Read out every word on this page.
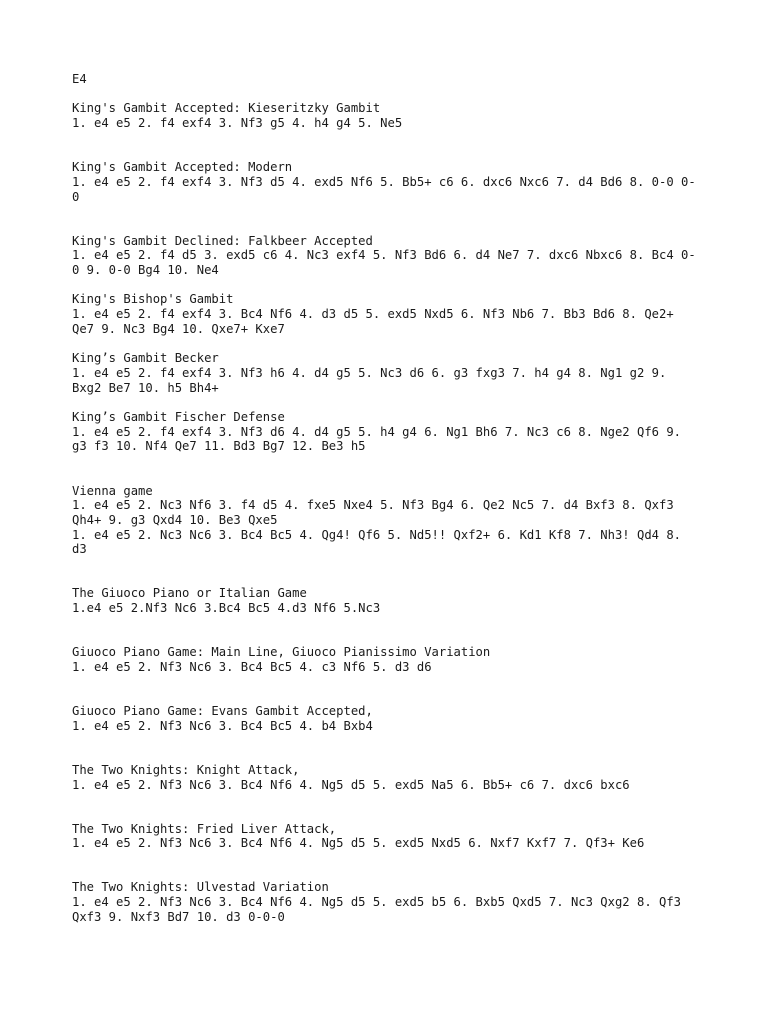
E4
King's Gambit Accepted: Kieseritzky Gambit
1. e4 e5 2. f4 exf4 3. Nf3 g5 4. h4 g4 5. Ne5
King's Gambit Accepted: Modern
1. e4 e5 2. f4 exf4 3. Nf3 d5 4. exd5 Nf6 5. Bb5+ c6 6. dxc6 Nxc6 7. d4 Bd6 8. 0-0 0-0
King's Gambit Declined: Falkbeer Accepted
1. e4 e5 2. f4 d5 3. exd5 c6 4. Nc3 exf4 5. Nf3 Bd6 6. d4 Ne7 7. dxc6 Nbxc6 8. Bc4 0-0 9. 0-0 Bg4 10. Ne4
King's Bishop's Gambit
1. e4 e5 2. f4 exf4 3. Bc4 Nf6 4. d3 d5 5. exd5 Nxd5 6. Nf3 Nb6 7. Bb3 Bd6 8. Qe2+ Qe7 9. Nc3 Bg4 10. Qxe7+ Kxe7
King’s Gambit Becker
1. e4 e5 2. f4 exf4 3. Nf3 h6 4. d4 g5 5. Nc3 d6 6. g3 fxg3 7. h4 g4 8. Ng1 g2 9. Bxg2 Be7 10. h5 Bh4+
King’s Gambit Fischer Defense
1. e4 e5 2. f4 exf4 3. Nf3 d6 4. d4 g5 5. h4 g4 6. Ng1 Bh6 7. Nc3 c6 8. Nge2 Qf6 9. g3 f3 10. Nf4 Qe7 11. Bd3 Bg7 12. Be3 h5
Vienna game
1. e4 e5 2. Nc3 Nf6 3. f4 d5 4. fxe5 Nxe4 5. Nf3 Bg4 6. Qe2 Nc5 7. d4 Bxf3 8. Qxf3 Qh4+ 9. g3 Qxd4 10. Be3 Qxe5
1. e4 e5 2. Nc3 Nc6 3. Bc4 Bc5 4. Qg4! Qf6 5. Nd5!! Qxf2+ 6. Kd1 Kf8 7. Nh3! Qd4 8. d3
The Giuoco Piano or Italian Game
1.e4 e5 2.Nf3 Nc6 3.Bc4 Bc5 4.d3 Nf6 5.Nc3
Giuoco Piano Game: Main Line, Giuoco Pianissimo Variation
1. e4 e5 2. Nf3 Nc6 3. Bc4 Bc5 4. c3 Nf6 5. d3 d6
Giuoco Piano Game: Evans Gambit Accepted,
1. e4 e5 2. Nf3 Nc6 3. Bc4 Bc5 4. b4 Bxb4
The Two Knights: Knight Attack,
1. e4 e5 2. Nf3 Nc6 3. Bc4 Nf6 4. Ng5 d5 5. exd5 Na5 6. Bb5+ c6 7. dxc6 bxc6
The Two Knights: Fried Liver Attack,
1. e4 e5 2. Nf3 Nc6 3. Bc4 Nf6 4. Ng5 d5 5. exd5 Nxd5 6. Nxf7 Kxf7 7. Qf3+ Ke6
The Two Knights: Ulvestad Variation
1. e4 e5 2. Nf3 Nc6 3. Bc4 Nf6 4. Ng5 d5 5. exd5 b5 6. Bxb5 Qxd5 7. Nc3 Qxg2 8. Qf3 Qxf3 9. Nxf3 Bd7 10. d3 0-0-0
